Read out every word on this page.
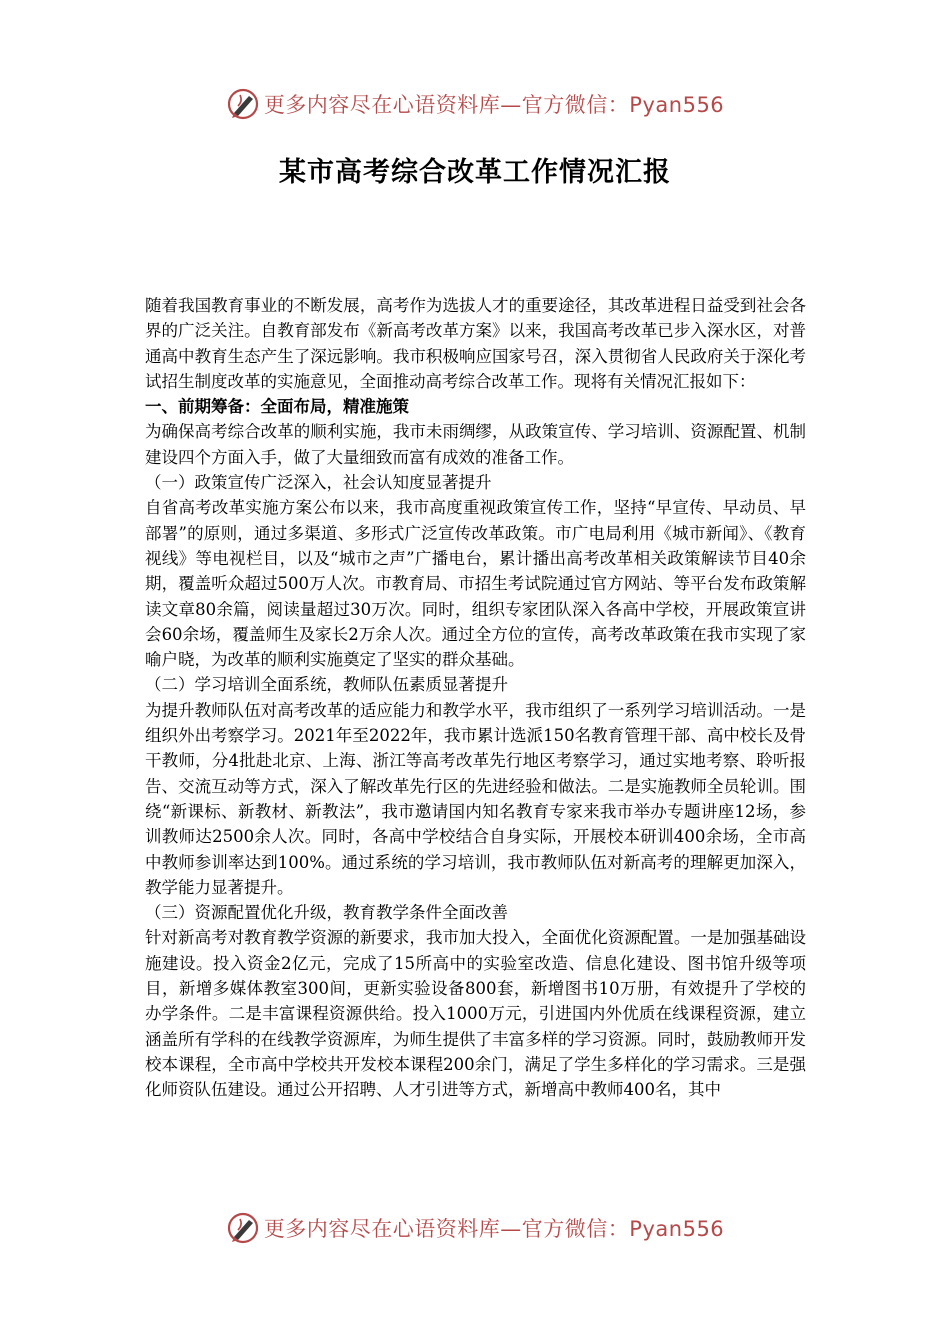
更多内容尽在心语资料库—官方微信：Pyan556
某市高考综合改革工作情况汇报

随着我国教育事业的不断发展，高考作为选拔人才的重要途径，其改革进程日益受到社会各界的广泛关注。自教育部发布《新高考改革方案》以来，我国高考改革已步入深水区，对普通高中教育生态产生了深远影响。我市积极响应国家号召，深入贯彻省人民政府关于深化考试招生制度改革的实施意见，全面推动高考综合改革工作。现将有关情况汇报如下：

一、前期筹备：全面布局，精准施策

为确保高考综合改革的顺利实施，我市未雨绸缪，从政策宣传、学习培训、资源配置、机制建设四个方面入手，做了大量细致而富有成效的准备工作。

（一）政策宣传广泛深入，社会认知度显著提升

自省高考改革实施方案公布以来，我市高度重视政策宣传工作，坚持“早宣传、早动员、早部署”的原则，通过多渠道、多形式广泛宣传改革政策。市广电局利用《城市新闻》、《教育视线》等电视栏目，以及“城市之声”广播电台，累计播出高考改革相关政策解读节目40余期，覆盖听众超过500万人次。市教育局、市招生考试院通过官方网站、等平台发布政策解读文章80余篇，阅读量超过30万次。同时，组织专家团队深入各高中学校，开展政策宣讲会60余场，覆盖师生及家长2万余人次。通过全方位的宣传，高考改革政策在我市实现了家喻户晓，为改革的顺利实施奠定了坚实的群众基础。

（二）学习培训全面系统，教师队伍素质显著提升

为提升教师队伍对高考改革的适应能力和教学水平，我市组织了一系列学习培训活动。一是组织外出考察学习。2021年至2022年，我市累计选派150名教育管理干部、高中校长及骨干教师，分4批赴北京、上海、浙江等高考改革先行地区考察学习，通过实地考察、聆听报告、交流互动等方式，深入了解改革先行区的先进经验和做法。二是实施教师全员轮训。围绕“新课标、新教材、新教法”，我市邀请国内知名教育专家来我市举办专题讲座12场，参训教师达2500余人次。同时，各高中学校结合自身实际，开展校本研训400余场，全市高中教师参训率达到100%。通过系统的学习培训，我市教师队伍对新高考的理解更加深入，教学能力显著提升。

（三）资源配置优化升级，教育教学条件全面改善

针对新高考对教育教学资源的新要求，我市加大投入，全面优化资源配置。一是加强基础设施建设。投入资金2亿元，完成了15所高中的实验室改造、信息化建设、图书馆升级等项目，新增多媒体教室300间，更新实验设备800套，新增图书10万册，有效提升了学校的办学条件。二是丰富课程资源供给。投入1000万元，引进国内外优质在线课程资源，建立涵盖所有学科的在线教学资源库，为师生提供了丰富多样的学习资源。同时，鼓励教师开发校本课程，全市高中学校共开发校本课程200余门，满足了学生多样化的学习需求。三是强化师资队伍建设。通过公开招聘、人才引进等方式，新增高中教师400名，其中

更多内容尽在心语资料库—官方微信：Pyan556
